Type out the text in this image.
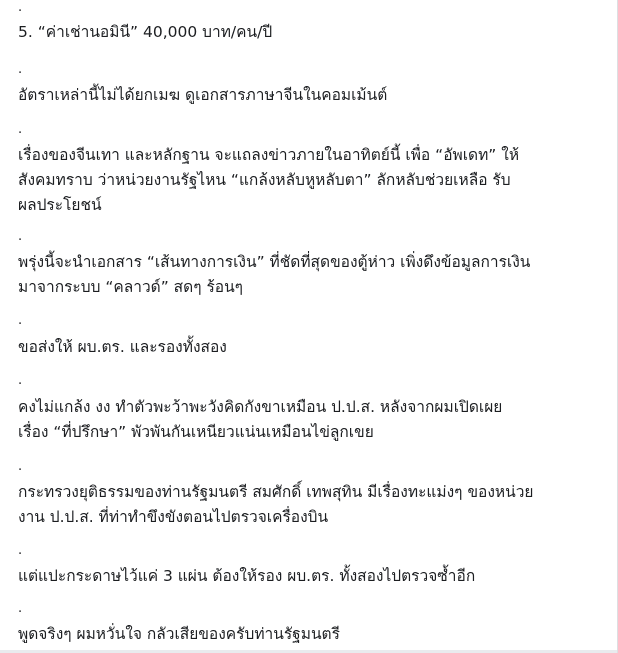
.
5. “ค่าเช่านอมินี” 40,000 บาท/คน/ปี
.
อัตราเหล่านี้ไม่ได้ยกเมฆ ดูเอกสารภาษาจีนในคอมเม้นต์
.
เรื่องของจีนเทา และหลักฐาน จะแถลงข่าวภายในอาทิตย์นี้ เพื่อ “อัพเดท” ให้
สังคมทราบ ว่าหน่วยงานรัฐไหน “แกล้งหลับหูหลับตา” ลักหลับช่วยเหลือ รับ
ผลประโยชน์
.
พรุ่งนี้จะนำเอกสาร “เส้นทางการเงิน” ที่ชัดที่สุดของตู้ห่าว เพิ่งดึงข้อมูลการเงิน
มาจากระบบ “คลาวด์” สดๆ ร้อนๆ
.
ขอส่งให้ ผบ.ตร. และรองทั้งสอง
.
คงไม่แกล้ง งง ทำตัวพะว้าพะวังคิดกังขาเหมือน ป.ป.ส. หลังจากผมเปิดเผย
เรื่อง “ที่ปรึกษา” พัวพันกันเหนียวแน่นเหมือนไข่ลูกเขย
.
กระทรวงยุติธรรมของท่านรัฐมนตรี สมศักดิ์ เทพสุทิน มีเรื่องทะแม่งๆ ของหน่วย
งาน ป.ป.ส. ที่ท่าทำขึงขังตอนไปตรวจเครื่องบิน
.
แต่แปะกระดาษไว้แค่ 3 แผ่น ต้องให้รอง ผบ.ตร. ทั้งสองไปตรวจซ้ำอีก
.
พูดจริงๆ ผมหวั่นใจ กลัวเสียของครับท่านรัฐมนตรี
